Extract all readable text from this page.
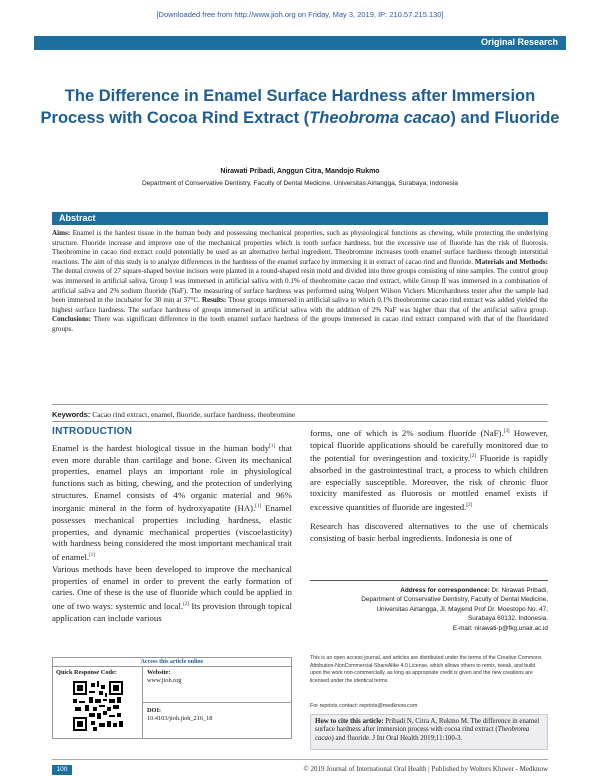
[Downloaded free from http://www.jioh.org on Friday, May 3, 2019, IP: 210.57.215.130]
Original Research
The Difference in Enamel Surface Hardness after Immersion Process with Cocoa Rind Extract (Theobroma cacao) and Fluoride
Nirawati Pribadi, Anggun Citra, Mandojo Rukmo
Department of Conservative Dentistry, Faculty of Dental Medicine, Universitas Airlangga, Surabaya, Indonesia
Abstract
Aims: Enamel is the hardest tissue in the human body and possessing mechanical properties, such as physiological functions as chewing, while protecting the underlying structure. Fluoride increase and improve one of the mechanical properties which is tooth surface hardness, but the excessive use of fluoride has the risk of fluorosis. Theobromine in cacao rind extract could potentially be used as an alternative herbal ingredient. Theobromine increases tooth enamel surface hardness through interstitial reactions. The aim of this study is to analyze differences in the hardness of the enamel surface by immersing it in extract of cacao rind and fluoride. Materials and Methods: The dental crowns of 27 square-shaped bovine incisors were planted in a round-shaped resin mold and divided into three groups consisting of nine samples. The control group was immersed in artificial saliva, Group I was immersed in artificial saliva with 0.1% of theobromine cacao rind extract, while Group II was immersed in a combination of artificial saliva and 2% sodium fluoride (NaF). The measuring of surface hardness was performed using Wolpert Wilson Vickers Microhardness tester after the sample had been immersed in the incubator for 30 min at 37°C. Results: Those groups immersed in artificial saliva to which 0.1% theobromine cacao rind extract was added yielded the highest surface hardness. The surface hardness of groups immersed in artificial saliva with the addition of 2% NaF was higher than that of the artificial saliva group. Conclusions: There was significant difference in the tooth enamel surface hardness of the groups immersed in cacao rind extract compared with that of the fluoridated groups.
Keywords: Cacao rind extract, enamel, fluoride, surface hardness, theobromine
INTRODUCTION
Enamel is the hardest biological tissue in the human body[1] that even more durable than cartilage and bone. Given its mechanical properties, enamel plays an important role in physiological functions such as biting, chewing, and the protection of underlying structures. Enamel consists of 4% organic material and 96% inorganic mineral in the form of hydroxyapatite (HA).[1] Enamel possesses mechanical properties including hardness, elastic properties, and dynamic mechanical properties (viscoelasticity) with hardness being considered the most important mechanical trait of enamel.[1]
Various methods have been developed to improve the mechanical properties of enamel in order to prevent the early formation of caries. One of these is the use of fluoride which could be applied in one of two ways: systemic and local.[2] Its provision through topical application can include various
forms, one of which is 2% sodium fluoride (NaF).[3] However, topical fluoride applications should be carefully monitored due to the potential for overingestion and toxicity.[2] Fluoride is rapidly absorbed in the gastrointestinal tract, a process to which children are especially susceptible. Moreover, the risk of chronic fluor toxicity manifested as fluorosis or mottled enamel exists if excessive quantities of fluoride are ingested.[2]
Research has discovered alternatives to the use of chemicals consisting of basic herbal ingredients. Indonesia is one of
Address for correspondence: Dr. Nirawati Pribadi,
Department of Conservative Dentistry, Faculty of Dental Medicine,
Universitas Airlangga, Jl. Mayjend Prof Dr. Moestopo No. 47,
Surabaya 60132, Indonesia.
E-mail: nirawati-p@fkg.unair.ac.id
This is an open access journal, and articles are distributed under the terms of the Creative Commons Attribution-NonCommercial-ShareAlike 4.0 License, which allows others to remix, tweak, and build upon the work non-commercially, as long as appropriate credit is given and the new creations are licensed under the identical terms.
For reprints contact: reprints@medknow.com
How to cite this article: Pribadi N, Citra A, Rukmo M. The difference in enamel surface hardness after immersion process with cocoa rind extract (Theobroma cacao) and fluoride. J Int Oral Health 2019;11:100-3.
Access this article online
Quick Response Code:	Website:
www.jioh.org
DOI:
10.4103/jioh.jioh_216_18
100	© 2019 Journal of International Oral Health | Published by Wolters Kluwer - Medknow
